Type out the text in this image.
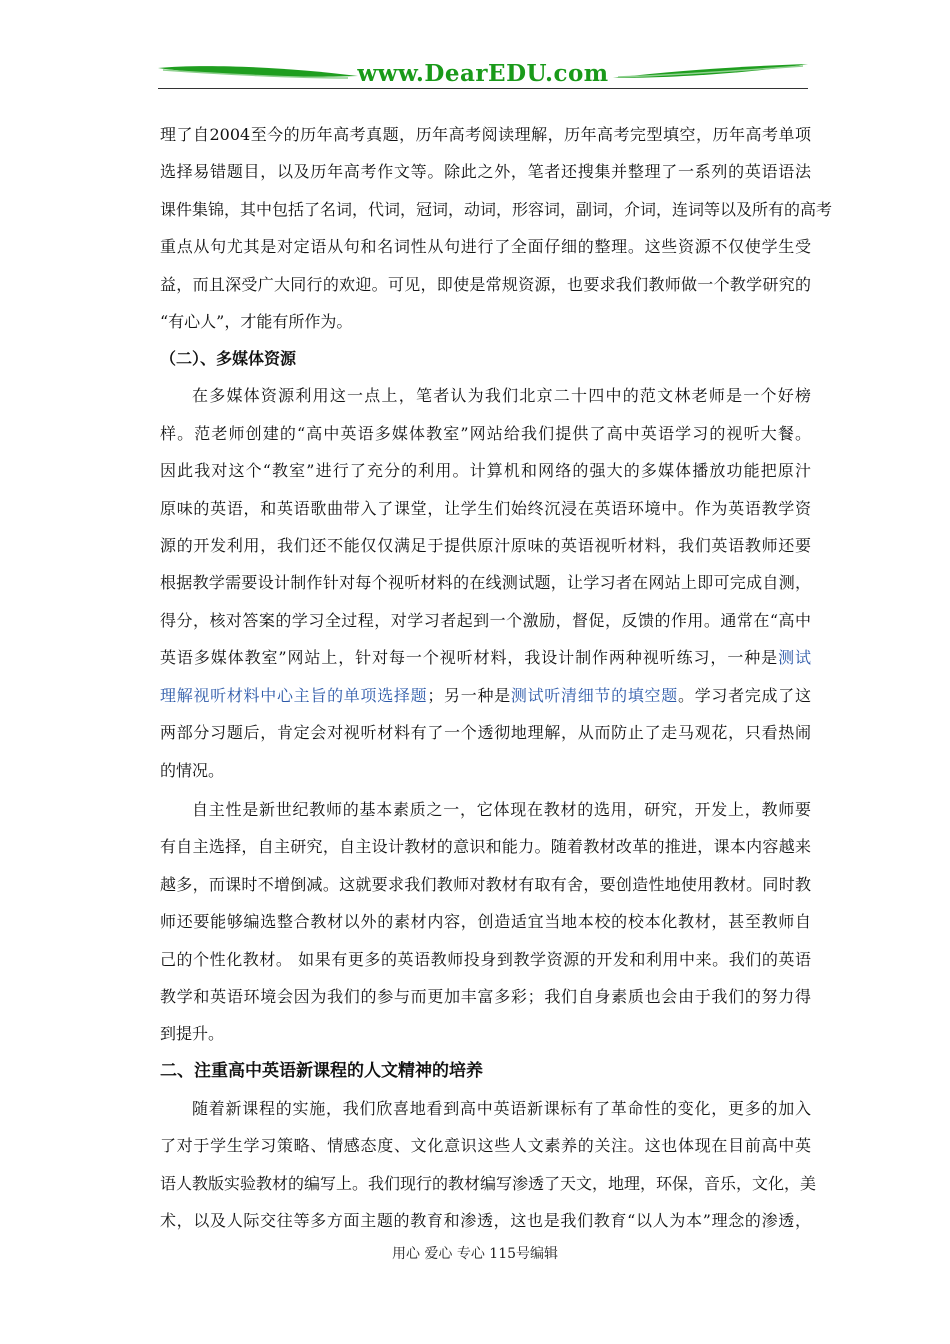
www.DearEDU.com

理了自2004至今的历年高考真题，历年高考阅读理解，历年高考完型填空，历年高考单项
选择易错题目，以及历年高考作文等。除此之外，笔者还搜集并整理了一系列的英语语法
课件集锦，其中包括了名词，代词，冠词，动词，形容词，副词，介词，连词等以及所有的高考
重点从句尤其是对定语从句和名词性从句进行了全面仔细的整理。这些资源不仅使学生受
益，而且深受广大同行的欢迎。可见，即使是常规资源，也要求我们教师做一个教学研究的
“有心人”，才能有所作为。

（二）、多媒体资源

在多媒体资源利用这一点上，笔者认为我们北京二十四中的范文林老师是一个好榜
样。范老师创建的“高中英语多媒体教室”网站给我们提供了高中英语学习的视听大餐。
因此我对这个“教室”进行了充分的利用。计算机和网络的强大的多媒体播放功能把原汁
原味的英语，和英语歌曲带入了课堂，让学生们始终沉浸在英语环境中。作为英语教学资
源的开发利用，我们还不能仅仅满足于提供原汁原味的英语视听材料，我们英语教师还要
根据教学需要设计制作针对每个视听材料的在线测试题，让学习者在网站上即可完成自测，
得分，核对答案的学习全过程，对学习者起到一个激励，督促，反馈的作用。通常在“高中
英语多媒体教室”网站上，针对每一个视听材料，我设计制作两种视听练习，一种是测试
理解视听材料中心主旨的单项选择题；另一种是测试听清细节的填空题。学习者完成了这
两部分习题后，肯定会对视听材料有了一个透彻地理解，从而防止了走马观花，只看热闹
的情况。

自主性是新世纪教师的基本素质之一，它体现在教材的选用，研究，开发上，教师要
有自主选择，自主研究，自主设计教材的意识和能力。随着教材改革的推进，课本内容越来
越多，而课时不增倒减。这就要求我们教师对教材有取有舍，要创造性地使用教材。同时教
师还要能够编选整合教材以外的素材内容，创造适宜当地本校的校本化教材，甚至教师自
己的个性化教材。 如果有更多的英语教师投身到教学资源的开发和利用中来。我们的英语
教学和英语环境会因为我们的参与而更加丰富多彩；我们自身素质也会由于我们的努力得
到提升。

二、注重高中英语新课程的人文精神的培养

随着新课程的实施，我们欣喜地看到高中英语新课标有了革命性的变化，更多的加入
了对于学生学习策略、情感态度、文化意识这些人文素养的关注。这也体现在目前高中英
语人教版实验教材的编写上。我们现行的教材编写渗透了天文，地理，环保，音乐，文化，美
术，以及人际交往等多方面主题的教育和渗透，这也是我们教育“以人为本”理念的渗透，

用心 爱心 专心 115号编辑
